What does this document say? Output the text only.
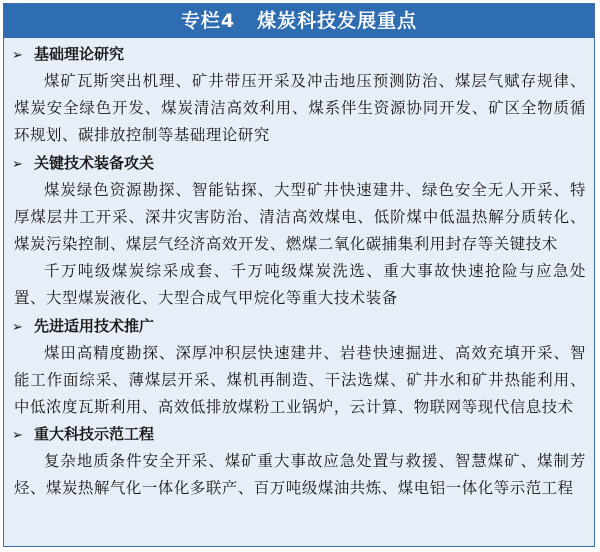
专栏4 煤炭科技发展重点
➢ 基础理论研究

煤矿瓦斯突出机理、矿井带压开采及冲击地压预测防治、煤层气赋存规律、煤炭安全绿色开发、煤炭清洁高效利用、煤系伴生资源协同开发、矿区全物质循环规划、碳排放控制等基础理论研究

➢ 关键技术装备攻关

煤炭绿色资源勘探、智能钻探、大型矿井快速建井、绿色安全无人开采、特厚煤层井工开采、深井灾害防治、清洁高效煤电、低阶煤中低温热解分质转化、煤炭污染控制、煤层气经济高效开发、燃煤二氧化碳捕集利用封存等关键技术

千万吨级煤炭综采成套、千万吨级煤炭洗选、重大事故快速抢险与应急处置、大型煤炭液化、大型合成气甲烷化等重大技术装备

➢ 先进适用技术推广

煤田高精度勘探、深厚冲积层快速建井、岩巷快速掘进、高效充填开采、智能工作面综采、薄煤层开采、煤机再制造、干法选煤、矿井水和矿井热能利用、中低浓度瓦斯利用、高效低排放煤粉工业锅炉，云计算、物联网等现代信息技术

➢ 重大科技示范工程

复杂地质条件安全开采、煤矿重大事故应急处置与救援、智慧煤矿、煤制芳烃、煤炭热解气化一体化多联产、百万吨级煤油共炼、煤电铝一体化等示范工程
